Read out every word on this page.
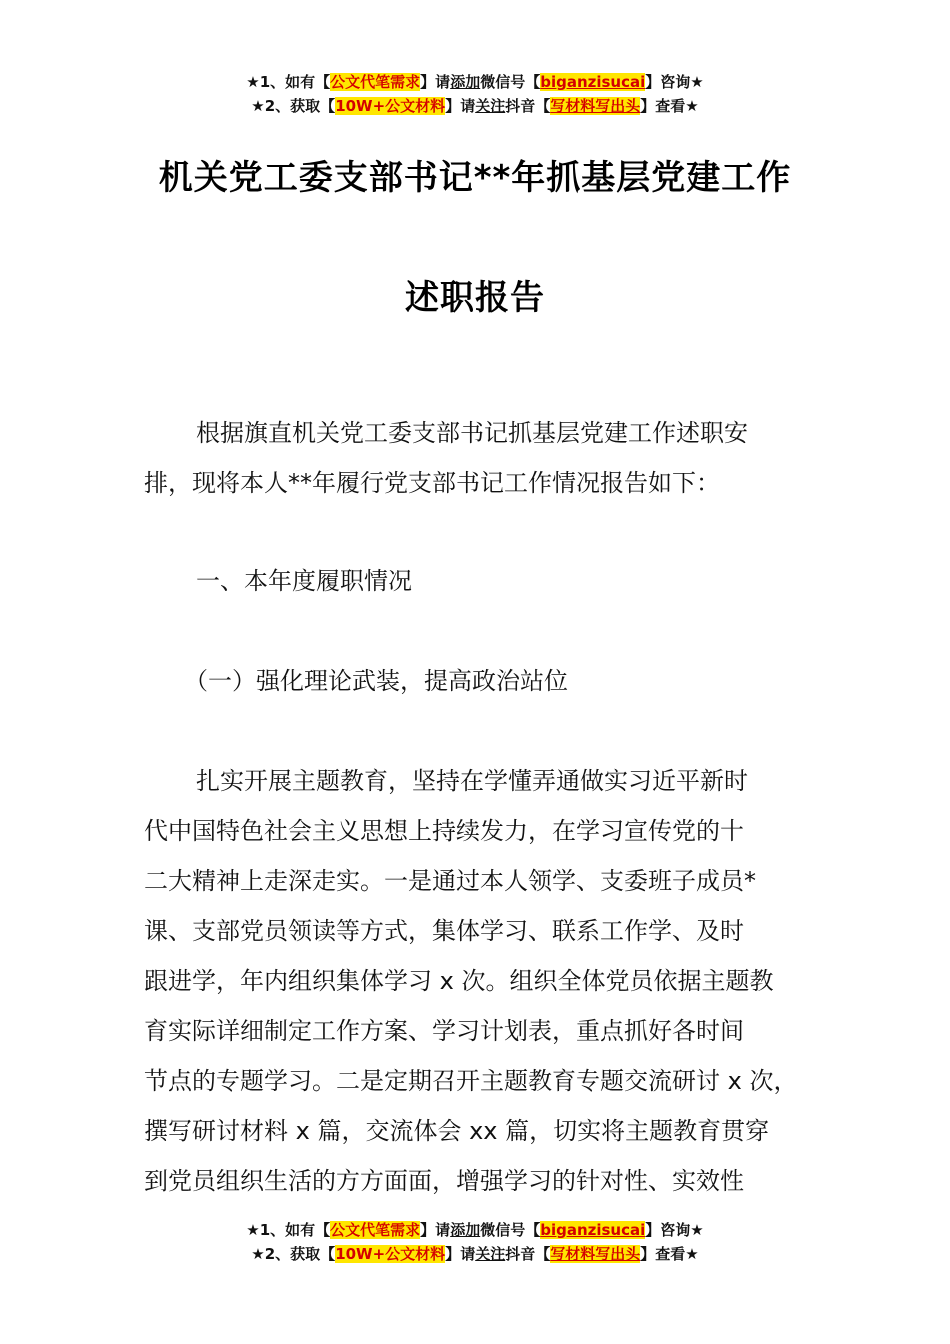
★1、如有【公文代笔需求】请添加微信号【biganzisucai】咨询★
★2、获取【10W+公文材料】请关注抖音【写材料写出头】查看★
机关党工委支部书记**年抓基层党建工作
述职报告
根据旗直机关党工委支部书记抓基层党建工作述职安
排，现将本人**年履行党支部书记工作情况报告如下：
一、本年度履职情况
（一）强化理论武装，提高政治站位
扎实开展主题教育，坚持在学懂弄通做实习近平新时
代中国特色社会主义思想上持续发力，在学习宣传党的十
二大精神上走深走实。一是通过本人领学、支委班子成员*
课、支部党员领读等方式，集体学习、联系工作学、及时
跟进学，年内组织集体学习 x 次。组织全体党员依据主题教
育实际详细制定工作方案、学习计划表，重点抓好各时间
节点的专题学习。二是定期召开主题教育专题交流研讨 x 次，
撰写研讨材料 x 篇，交流体会 xx 篇，切实将主题教育贯穿
到党员组织生活的方方面面，增强学习的针对性、实效性
★1、如有【公文代笔需求】请添加微信号【biganzisucai】咨询★
★2、获取【10W+公文材料】请关注抖音【写材料写出头】查看★
